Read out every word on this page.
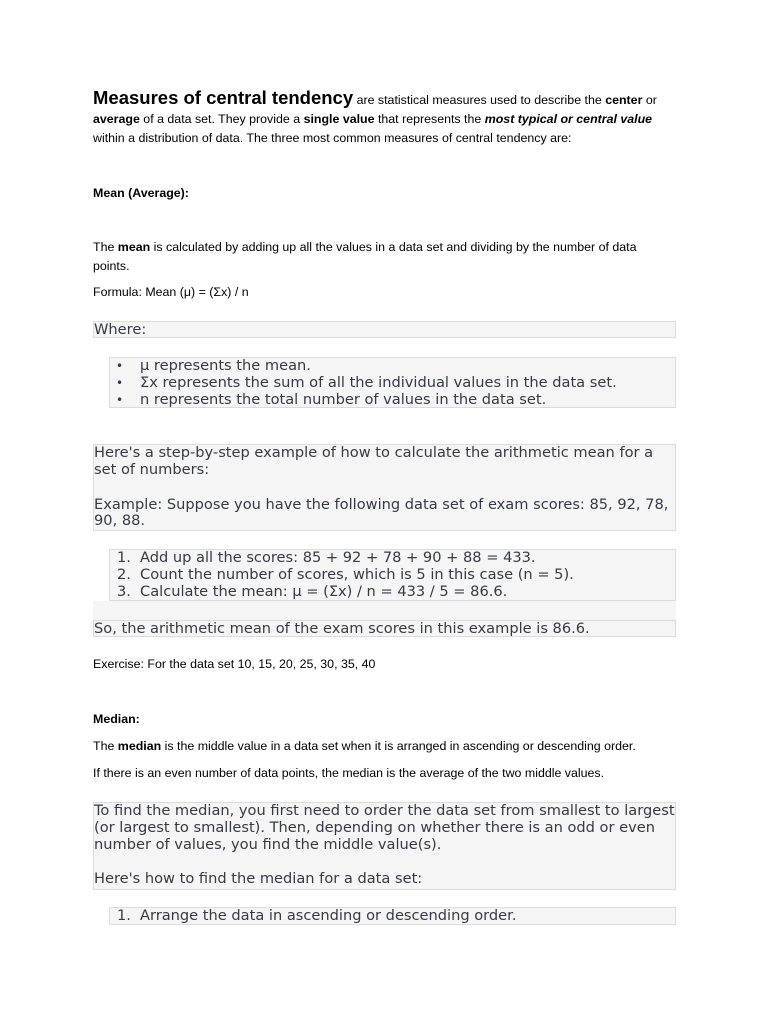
Measures of central tendency are statistical measures used to describe the center or average of a data set. They provide a single value that represents the most typical or central value within a distribution of data. The three most common measures of central tendency are:
Mean (Average):
The mean is calculated by adding up all the values in a data set and dividing by the number of data points.
Formula: Mean (μ) = (Σx) / n

Where:

• μ represents the mean.
• Σx represents the sum of all the individual values in the data set.
• n represents the total number of values in the data set.

Here's a step-by-step example of how to calculate the arithmetic mean for a set of numbers:

Example: Suppose you have the following data set of exam scores: 85, 92, 78, 90, 88.

1. Add up all the scores: 85 + 92 + 78 + 90 + 88 = 433.
2. Count the number of scores, which is 5 in this case (n = 5).
3. Calculate the mean: μ = (Σx) / n = 433 / 5 = 86.6.

So, the arithmetic mean of the exam scores in this example is 86.6.

Exercise: For the data set 10, 15, 20, 25, 30, 35, 40
Median:
The median is the middle value in a data set when it is arranged in ascending or descending order.
If there is an even number of data points, the median is the average of the two middle values.

To find the median, you first need to order the data set from smallest to largest (or largest to smallest). Then, depending on whether there is an odd or even number of values, you find the middle value(s).

Here's how to find the median for a data set:

1. Arrange the data in ascending or descending order.
